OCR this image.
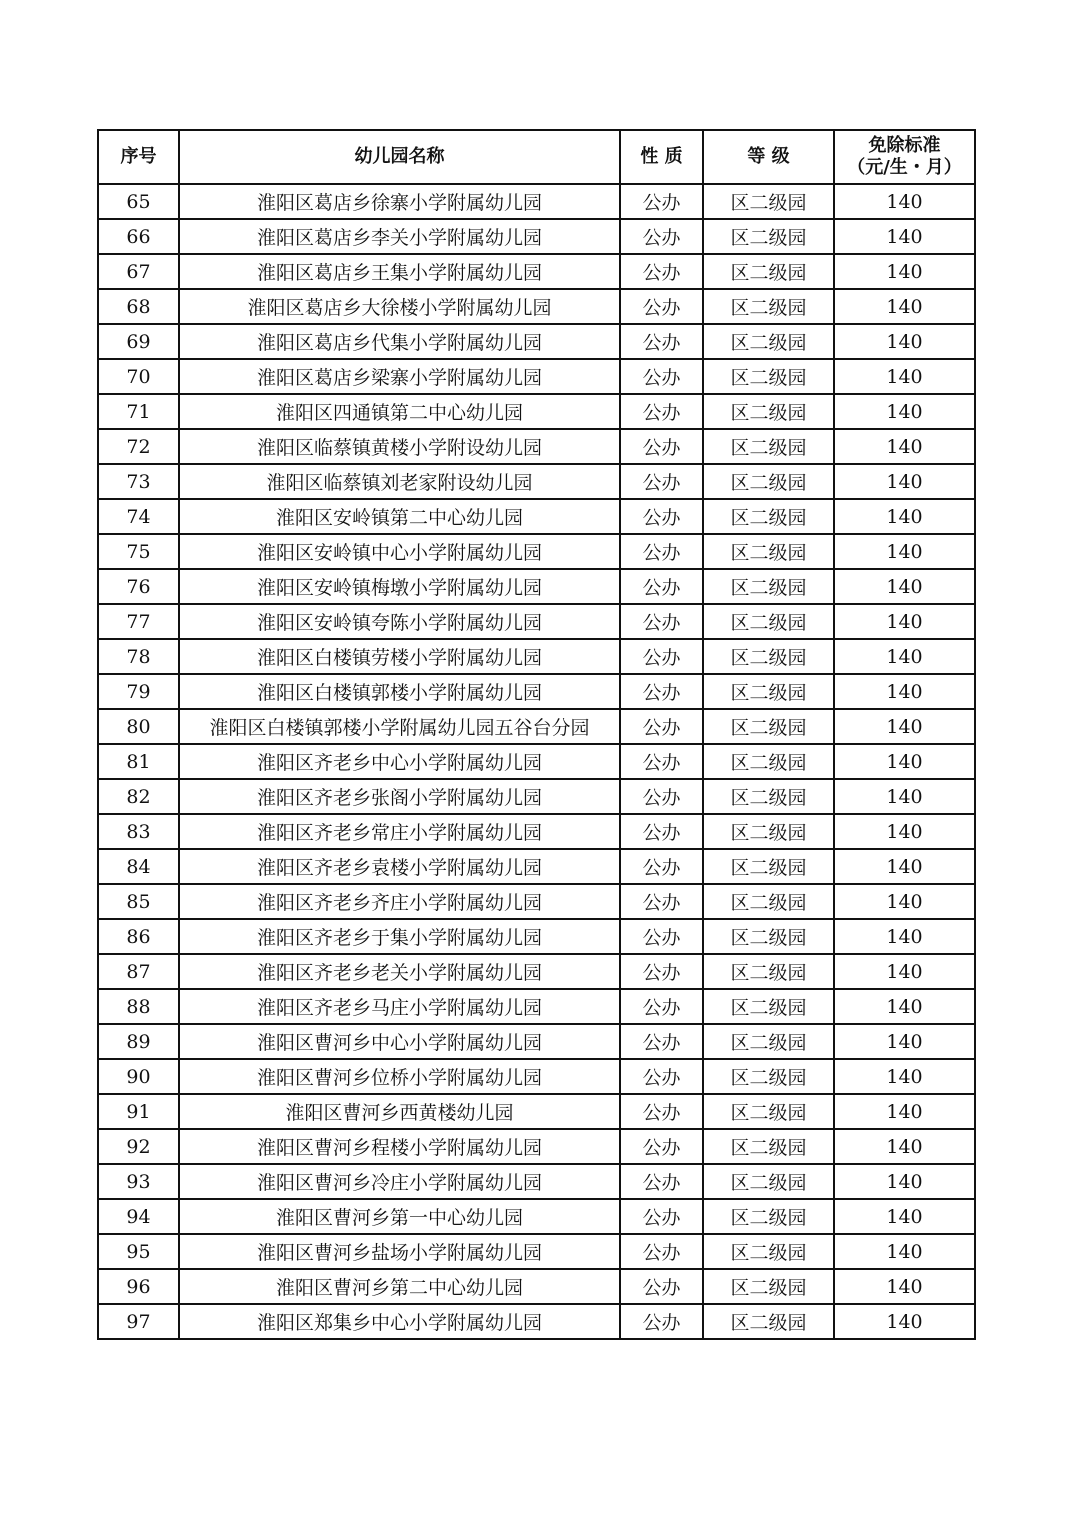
序号	幼儿园名称	性 质	等 级	免除标准
（元/生・月）

65	淮阳区葛店乡徐寨小学附属幼儿园	公办	区二级园	140
66	淮阳区葛店乡李关小学附属幼儿园	公办	区二级园	140
67	淮阳区葛店乡王集小学附属幼儿园	公办	区二级园	140
68	淮阳区葛店乡大徐楼小学附属幼儿园	公办	区二级园	140
69	淮阳区葛店乡代集小学附属幼儿园	公办	区二级园	140
70	淮阳区葛店乡梁寨小学附属幼儿园	公办	区二级园	140
71	淮阳区四通镇第二中心幼儿园	公办	区二级园	140
72	淮阳区临蔡镇黄楼小学附设幼儿园	公办	区二级园	140
73	淮阳区临蔡镇刘老家附设幼儿园	公办	区二级园	140
74	淮阳区安岭镇第二中心幼儿园	公办	区二级园	140
75	淮阳区安岭镇中心小学附属幼儿园	公办	区二级园	140
76	淮阳区安岭镇梅墩小学附属幼儿园	公办	区二级园	140
77	淮阳区安岭镇夸陈小学附属幼儿园	公办	区二级园	140
78	淮阳区白楼镇劳楼小学附属幼儿园	公办	区二级园	140
79	淮阳区白楼镇郭楼小学附属幼儿园	公办	区二级园	140
80	淮阳区白楼镇郭楼小学附属幼儿园五谷台分园	公办	区二级园	140
81	淮阳区齐老乡中心小学附属幼儿园	公办	区二级园	140
82	淮阳区齐老乡张阁小学附属幼儿园	公办	区二级园	140
83	淮阳区齐老乡常庄小学附属幼儿园	公办	区二级园	140
84	淮阳区齐老乡袁楼小学附属幼儿园	公办	区二级园	140
85	淮阳区齐老乡齐庄小学附属幼儿园	公办	区二级园	140
86	淮阳区齐老乡于集小学附属幼儿园	公办	区二级园	140
87	淮阳区齐老乡老关小学附属幼儿园	公办	区二级园	140
88	淮阳区齐老乡马庄小学附属幼儿园	公办	区二级园	140
89	淮阳区曹河乡中心小学附属幼儿园	公办	区二级园	140
90	淮阳区曹河乡位桥小学附属幼儿园	公办	区二级园	140
91	淮阳区曹河乡西黄楼幼儿园	公办	区二级园	140
92	淮阳区曹河乡程楼小学附属幼儿园	公办	区二级园	140
93	淮阳区曹河乡冷庄小学附属幼儿园	公办	区二级园	140
94	淮阳区曹河乡第一中心幼儿园	公办	区二级园	140
95	淮阳区曹河乡盐场小学附属幼儿园	公办	区二级园	140
96	淮阳区曹河乡第二中心幼儿园	公办	区二级园	140
97	淮阳区郑集乡中心小学附属幼儿园	公办	区二级园	140
